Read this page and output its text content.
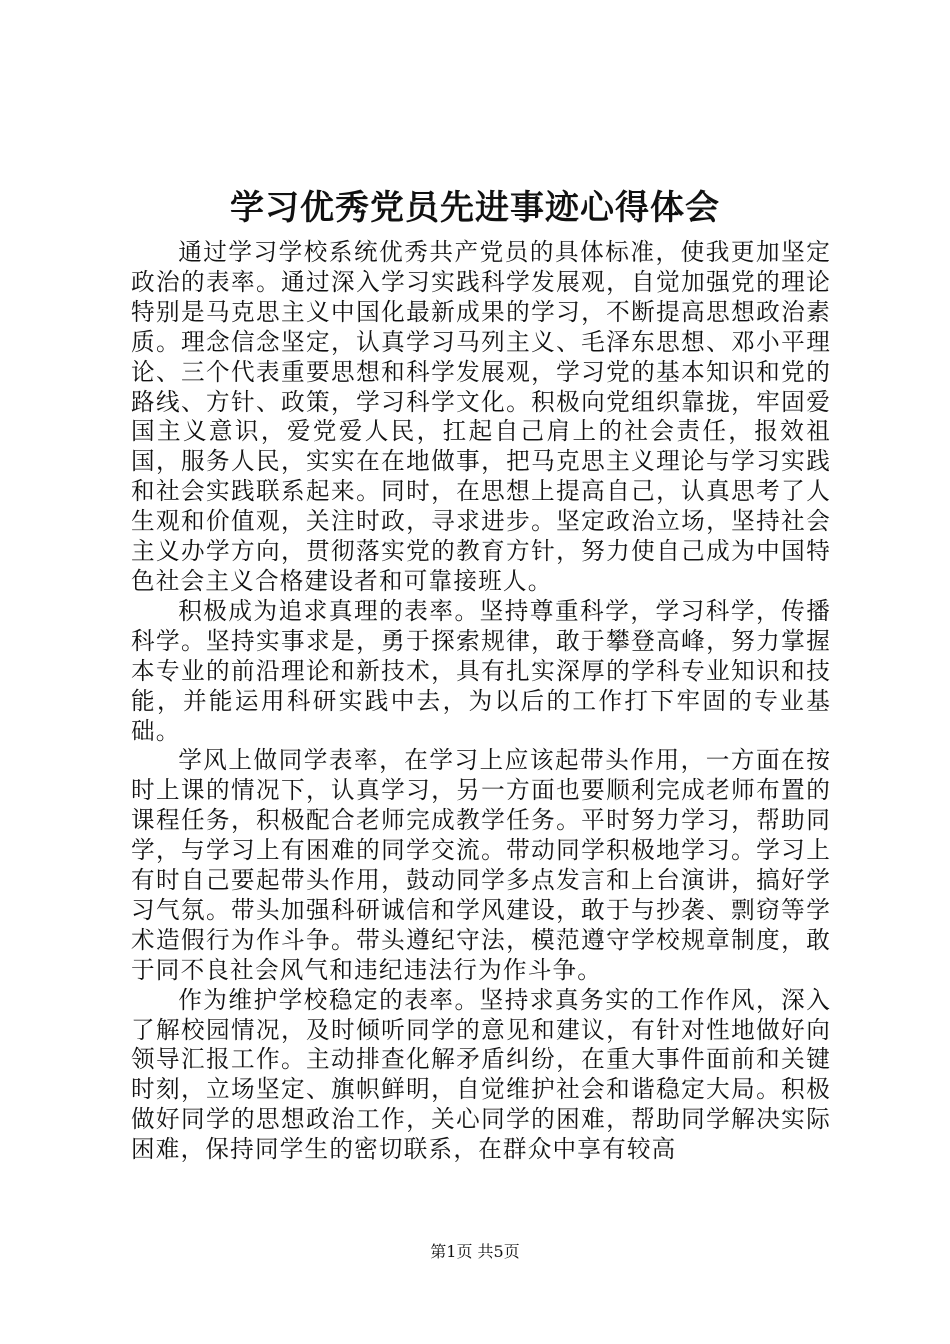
学习优秀党员先进事迹心得体会

通过学习学校系统优秀共产党员的具体标准，使我更加坚定政治的表率。通过深入学习实践科学发展观，自觉加强党的理论特别是马克思主义中国化最新成果的学习，不断提高思想政治素质。理念信念坚定，认真学习马列主义、毛泽东思想、邓小平理论、三个代表重要思想和科学发展观，学习党的基本知识和党的路线、方针、政策，学习科学文化。积极向党组织靠拢，牢固爱国主义意识，爱党爱人民，扛起自己肩上的社会责任，报效祖国，服务人民，实实在在地做事，把马克思主义理论与学习实践和社会实践联系起来。同时，在思想上提高自己，认真思考了人生观和价值观，关注时政，寻求进步。坚定政治立场，坚持社会主义办学方向，贯彻落实党的教育方针，努力使自己成为中国特色社会主义合格建设者和可靠接班人。

积极成为追求真理的表率。坚持尊重科学，学习科学，传播科学。坚持实事求是，勇于探索规律，敢于攀登高峰，努力掌握本专业的前沿理论和新技术，具有扎实深厚的学科专业知识和技能，并能运用科研实践中去，为以后的工作打下牢固的专业基础。

学风上做同学表率，在学习上应该起带头作用，一方面在按时上课的情况下，认真学习，另一方面也要顺利完成老师布置的课程任务，积极配合老师完成教学任务。平时努力学习，帮助同学，与学习上有困难的同学交流。带动同学积极地学习。学习上有时自己要起带头作用，鼓动同学多点发言和上台演讲，搞好学习气氛。带头加强科研诚信和学风建设，敢于与抄袭、剽窃等学术造假行为作斗争。带头遵纪守法，模范遵守学校规章制度，敢于同不良社会风气和违纪违法行为作斗争。

作为维护学校稳定的表率。坚持求真务实的工作作风，深入了解校园情况，及时倾听同学的意见和建议，有针对性地做好向领导汇报工作。主动排查化解矛盾纠纷，在重大事件面前和关键时刻，立场坚定、旗帜鲜明，自觉维护社会和谐稳定大局。积极做好同学的思想政治工作，关心同学的困难，帮助同学解决实际困难，保持同学生的密切联系，在群众中享有较高

第1页 共5页
